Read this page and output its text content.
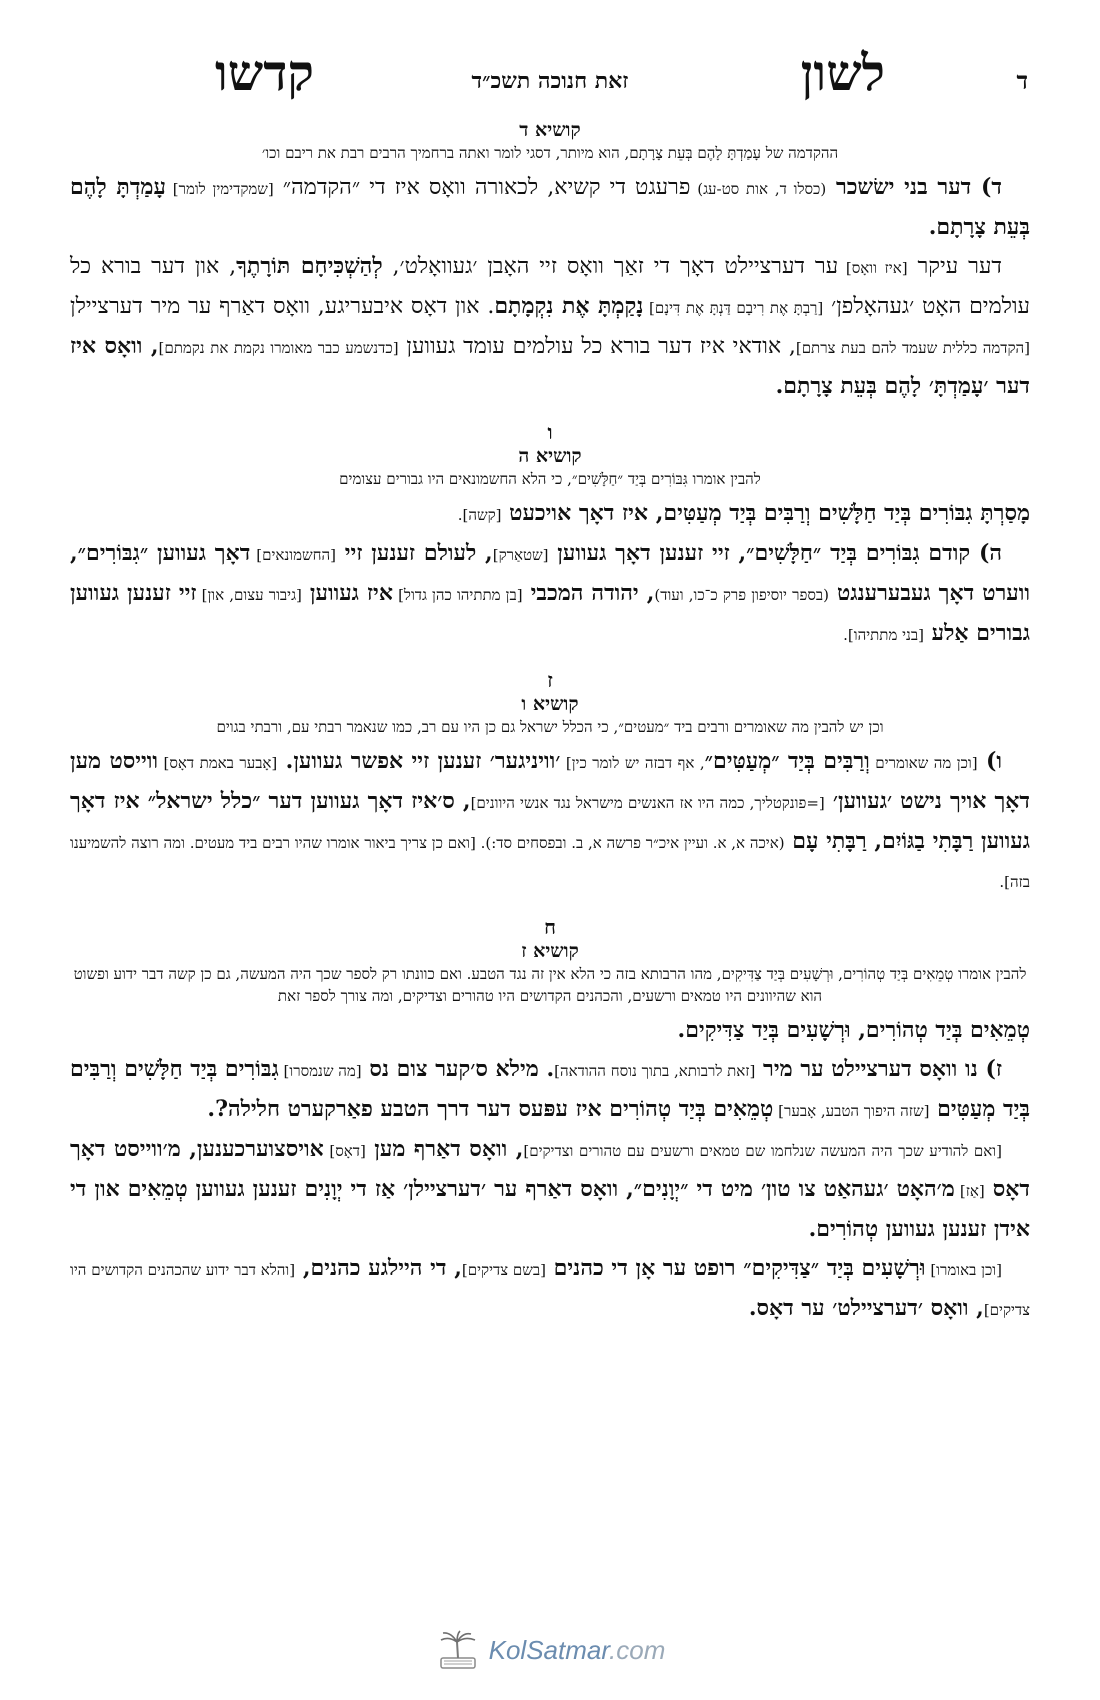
ד
לשון
זאת חנוכה תשכ״ד
קדשו
קושיא ד
ההקדמה של עָמַדְתָּ לָהֶם בְּעֵת צָרָתָם, הוא מיותר, דסגי לומר ואתה ברחמיך הרבים רבת את ריבם וכו׳

ד) דער בני ישׂשכר (כסלו ד, אות סט-עג) פרעגט די קשיא, לכאורה וואָס איז די ״הקדמה״ [שמקדימין לומר] עָמַדְתָּ לָהֶם בְּעֵת צָרָתָם.

דער עיקר [איז וואָס] ער דערציילט דאָך די זאַך וואָס זיי האָבן ׳געוואָלט׳, לְהַשְׁכִּיחָם תּוֹרָתֶךָ, און דער בורא כל עולמים האָט ׳געהאָלפן׳ [רַבְתָּ אֶת רִיבָם דַּנְתָּ אֶת דִּינָם] נָקַמְתָּ אֶת נִקְמָתָם. און דאָס איבעריגע, וואָס דאַרף ער מיר דערציילן [הקדמה כללית שעמד להם בעת צרתם], אודאי איז דער בורא כל עולמים עומד געווען [כדנשמע כבר מאומרו נקמת את נקמתם], וואָס איז דער ׳עָמַדְתָּ׳ לָהֶם בְּעֵת צָרָתָם.

ו
קושיא ה
להבין אומרו גִּבּוֹרִים בְּיַד ״חַלָּשִׁים״, כי הלא החשמונאים היו גבורים עצומים

מָסַרְתָּ גִבּוֹרִים בְּיַד חַלָּשִׁים וְרַבִּים בְּיַד מְעַטִּים, איז דאָך אויכעט [קשה].

ה) קודם גִבּוֹרִים בְּיַד ״חַלָּשִׁים״, זיי זענען דאָך געווען [שטאַרק], לעולם זענען זיי [החשמונאים] דאָך געווען ״גִבּוֹרִים״, ווערט דאָך געבערענגט (בספר יוסיפון פרק כ־כו, ועוד), יהודה המכבי [בן מתתיהו כהן גדול] איז געווען [גיבור עצום, און] זיי זענען געווען גבורים אַלע [בני מתתיהו].

ז
קושיא ו
וכן יש להבין מה שאומרים ורבים ביד ״מעטים״, כי הכלל ישראל גם כן היו עם רב, כמו שנאמר רבתי עם, ורבתי בגוים

ו) [וכן מה שאומרים וְרַבִּים בְּיַד ״מְעַטִּים״, אף דבזה יש לומר כין] ׳וויניגער׳ זענען זיי אפשר געווען. [אָבער באמת דאָס] ווייסט מען דאָך אויך נישט ׳געווען׳ [=פונקטליך, כמה היו אז האנשים מישראל נגד אנשי היוונים], ס׳איז דאָך געווען דער ״כלל ישראל״ איז דאָך געווען רַבָּתִי בַגּוֹיִם, רַבָּתִי עָם (איכה א, א. ועיין איכ״ר פרשה א, ב. ובפסחים סד:). [ואם כן צריך ביאור אומרו שהיו רבים ביד מעטים. ומה רוצה להשמיענו בזה].

ח
קושיא ז
להבין אומרו טְמֵאִים בְּיַד טְהוֹרִים, וּרְשָׁעִים בְּיַד צַדִּיקִים, מהו הרבותא בזה כי הלא אין זה נגד הטבע. ואם כוונתו רק לספר שכך היה המעשה, גם כן קשה דבר ידוע ופשוט הוא שהיוונים היו טמאים ורשעים, והכהנים הקדושים היו טהורים וצדיקים, ומה צורך לספר זאת

טְמֵאִים בְּיַד טְהוֹרִים, וּרְשָׁעִים בְּיַד צַדִּיקִים.

ז) נו וואָס דערציילט ער מיר [זאת לרבותא, בתוך נוסח ההודאה]. מילא ס׳קער צום נס [מה שנמסרו] גִבּוֹרִים בְּיַד חַלָּשִׁים וְרַבִּים בְּיַד מְעַטִּים [שזה היפוך הטבע, אָבער] טְמֵאִים בְּיַד טְהוֹרִים איז עפּעס דער דרך הטבע פאַרקערט חלילה?.

[ואם להודיע שכך היה המעשה שנלחמו שם טמאים ורשעים עם טהורים וצדיקים], וואָס דאַרף מען [דאָס] אויסצוערכענען, מ׳ווייסט דאָך דאָס [אַז] מ׳האָט ׳געהאַט צו טון׳ מיט די ״יְוָנִים״, וואָס דאַרף ער ׳דערציילן׳ אַז די יְוָנִים זענען געווען טְמֵאִים און די אידן זענען געווען טְהוֹרִים.

[וכן באומרו] וּרְשָׁעִים בְּיַד ״צַדִּיקִים״ רופט ער אָן די כהנים [בשם צדיקים], די היילגע כהנים, [והלא דבר ידוע שהכהנים הקדושים היו צדיקים], וואָס ׳דערציילט׳ ער דאָס.

KolSatmar.com
